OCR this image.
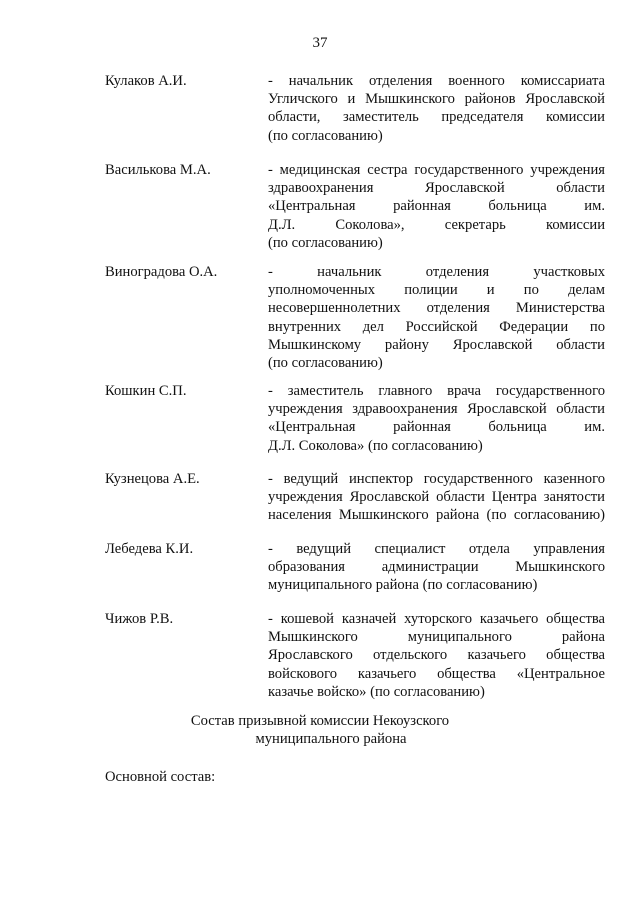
37
Кулаков А.И.	- начальник отделения военного комиссариата
Угличского и Мышкинского районов Ярославской
области, заместитель председателя комиссии
(по согласованию)
Василькова М.А.	- медицинская сестра государственного учреждения
здравоохранения Ярославской области
«Центральная районная больница им.
Д.Л. Соколова», секретарь комиссии
(по согласованию)
Виноградова О.А.	- начальник отделения участковых
уполномоченных полиции и по делам
несовершеннолетних отделения Министерства
внутренних дел Российской Федерации по
Мышкинскому району Ярославской области
(по согласованию)
Кошкин С.П.	- заместитель главного врача государственного
учреждения здравоохранения Ярославской области
«Центральная районная больница им.
Д.Л. Соколова» (по согласованию)
Кузнецова А.Е.	- ведущий инспектор государственного казенного
учреждения Ярославской области Центра занятости
населения Мышкинского района (по согласованию)
Лебедева К.И.	- ведущий специалист отдела управления
образования администрации Мышкинского
муниципального района (по согласованию)
Чижов Р.В.	- кошевой казначей хуторского казачьего общества
Мышкинского муниципального района
Ярославского отдельского казачьего общества
войскового казачьего общества «Центральное
казачье войско» (по согласованию)
Состав призывной комиссии Некоузского
муниципального района
Основной состав:
